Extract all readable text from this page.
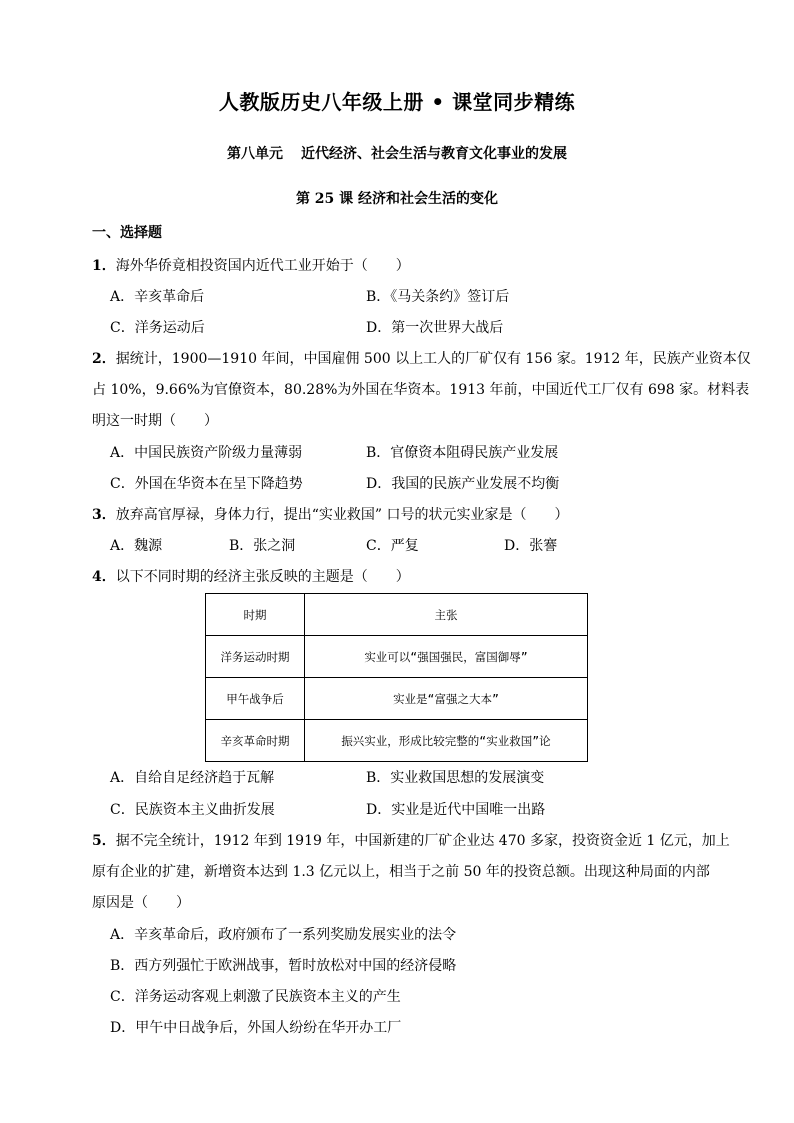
人教版历史八年级上册 • 课堂同步精练
第八单元 近代经济、社会生活与教育文化事业的发展
第 25 课 经济和社会生活的变化
一、选择题
1．海外华侨竟相投资国内近代工业开始于（　　）
A．辛亥革命后	B．《马关条约》签订后
C．洋务运动后	D．第一次世界大战后
2．据统计，1900—1910 年间，中国雇佣 500 以上工人的厂矿仅有 156 家。1912 年，民族产业资本仅
占 10%，9.66%为官僚资本，80.28%为外国在华资本。1913 年前，中国近代工厂仅有 698 家。材料表
明这一时期（　　）
A．中国民族资产阶级力量薄弱	B．官僚资本阻碍民族产业发展
C．外国在华资本在呈下降趋势	D．我国的民族产业发展不均衡
3．放弃高官厚禄，身体力行，提出“实业救国” 口号的状元实业家是（　　）
A．魏源	B．张之洞	C．严复	D．张謇
4．以下不同时期的经济主张反映的主题是（　　）
时期	主张
洋务运动时期	实业可以“强国强民，富国御辱”
甲午战争后	实业是“富强之大本”
辛亥革命时期	振兴实业，形成比较完整的“实业救国”论
A．自给自足经济趋于瓦解	B．实业救国思想的发展演变
C．民族资本主义曲折发展	D．实业是近代中国唯一出路
5．据不完全统计，1912 年到 1919 年，中国新建的厂矿企业达 470 多家，投资资金近 1 亿元，加上
原有企业的扩建，新增资本达到 1.3 亿元以上，相当于之前 50 年的投资总额。出现这种局面的内部
原因是（　　）
A．辛亥革命后，政府颁布了一系列奖励发展实业的法令
B．西方列强忙于欧洲战事，暂时放松对中国的经济侵略
C．洋务运动客观上刺激了民族资本主义的产生
D．甲午中日战争后，外国人纷纷在华开办工厂
